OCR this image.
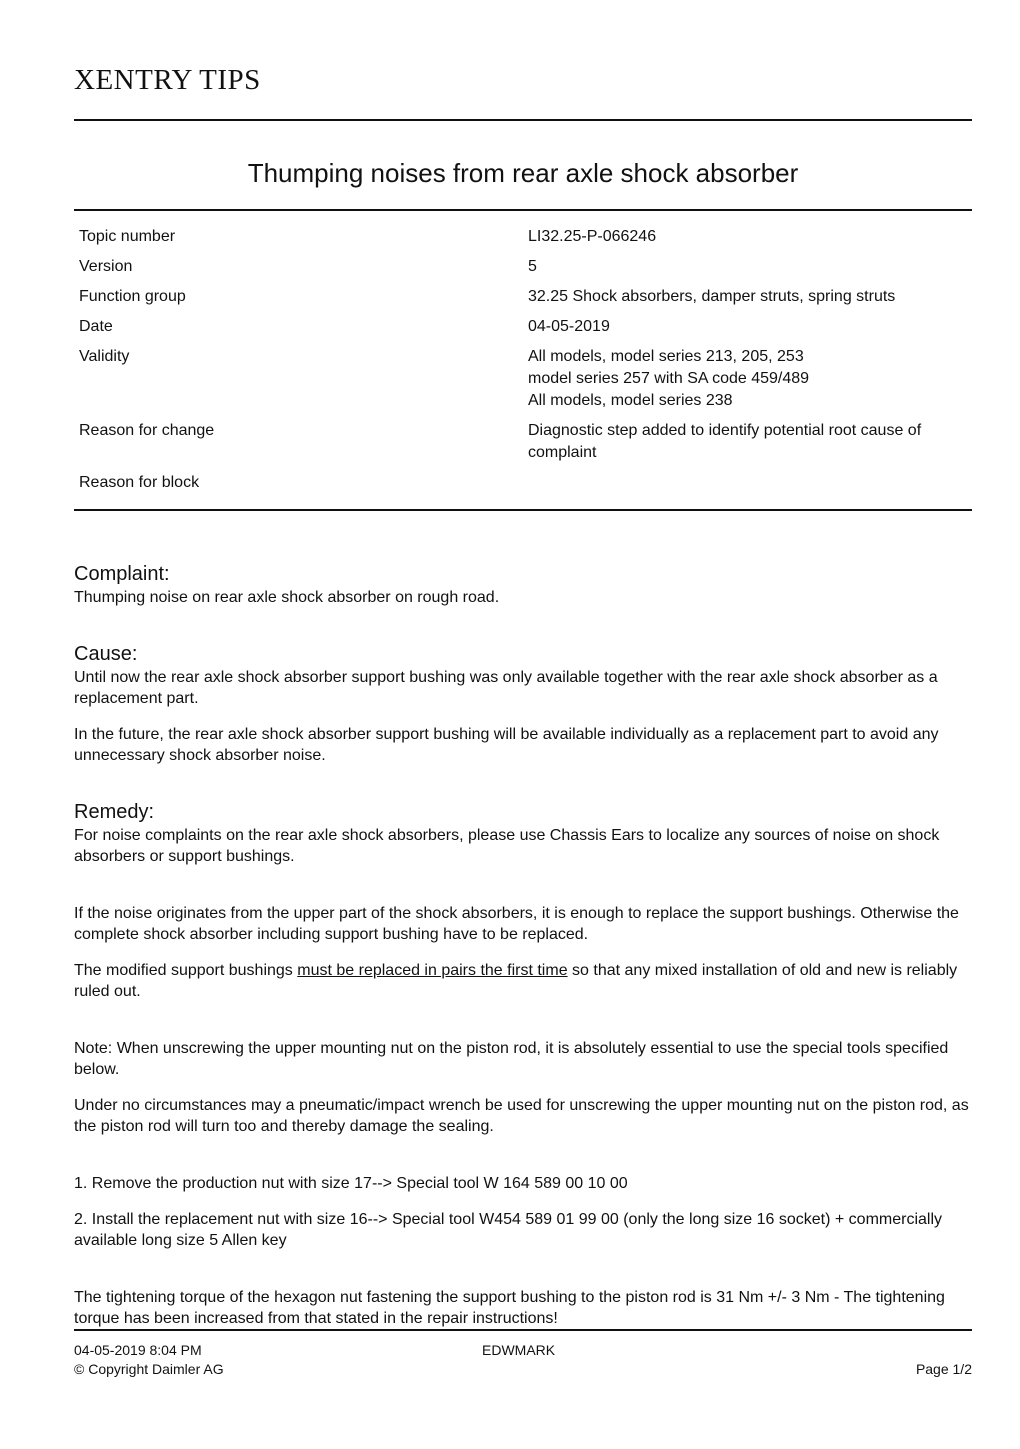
XENTRY TIPS
Thumping noises from rear axle shock absorber
Topic number	LI32.25-P-066246
Version	5
Function group	32.25 Shock absorbers, damper struts, spring struts
Date	04-05-2019
Validity	All models, model series 213, 205, 253
model series 257 with SA code 459/489
All models, model series 238
Reason for change	Diagnostic step added to identify potential root cause of complaint
Reason for block
Complaint:

Thumping noise on rear axle shock absorber on rough road.

Cause:

Until now the rear axle shock absorber support bushing was only available together with the rear axle shock absorber as a replacement part.

In the future, the rear axle shock absorber support bushing will be available individually as a replacement part to avoid any unnecessary shock absorber noise.

Remedy:

For noise complaints on the rear axle shock absorbers, please use Chassis Ears to localize any sources of noise on shock absorbers or support bushings.

If the noise originates from the upper part of the shock absorbers, it is enough to replace the support bushings. Otherwise the complete shock absorber including support bushing have to be replaced.

The modified support bushings must be replaced in pairs the first time so that any mixed installation of old and new is reliably ruled out.

Note: When unscrewing the upper mounting nut on the piston rod, it is absolutely essential to use the special tools specified below.

Under no circumstances may a pneumatic/impact wrench be used for unscrewing the upper mounting nut on the piston rod, as the piston rod will turn too and thereby damage the sealing.

1. Remove the production nut with size 17--> Special tool W 164 589 00 10 00

2. Install the replacement nut with size 16--> Special tool W454 589 01 99 00 (only the long size 16 socket) + commercially available long size 5 Allen key

The tightening torque of the hexagon nut fastening the support bushing to the piston rod is 31 Nm +/- 3 Nm - The tightening torque has been increased from that stated in the repair instructions!

04-05-2019 8:04 PM	EDWMARK
© Copyright Daimler AG	Page 1/2
